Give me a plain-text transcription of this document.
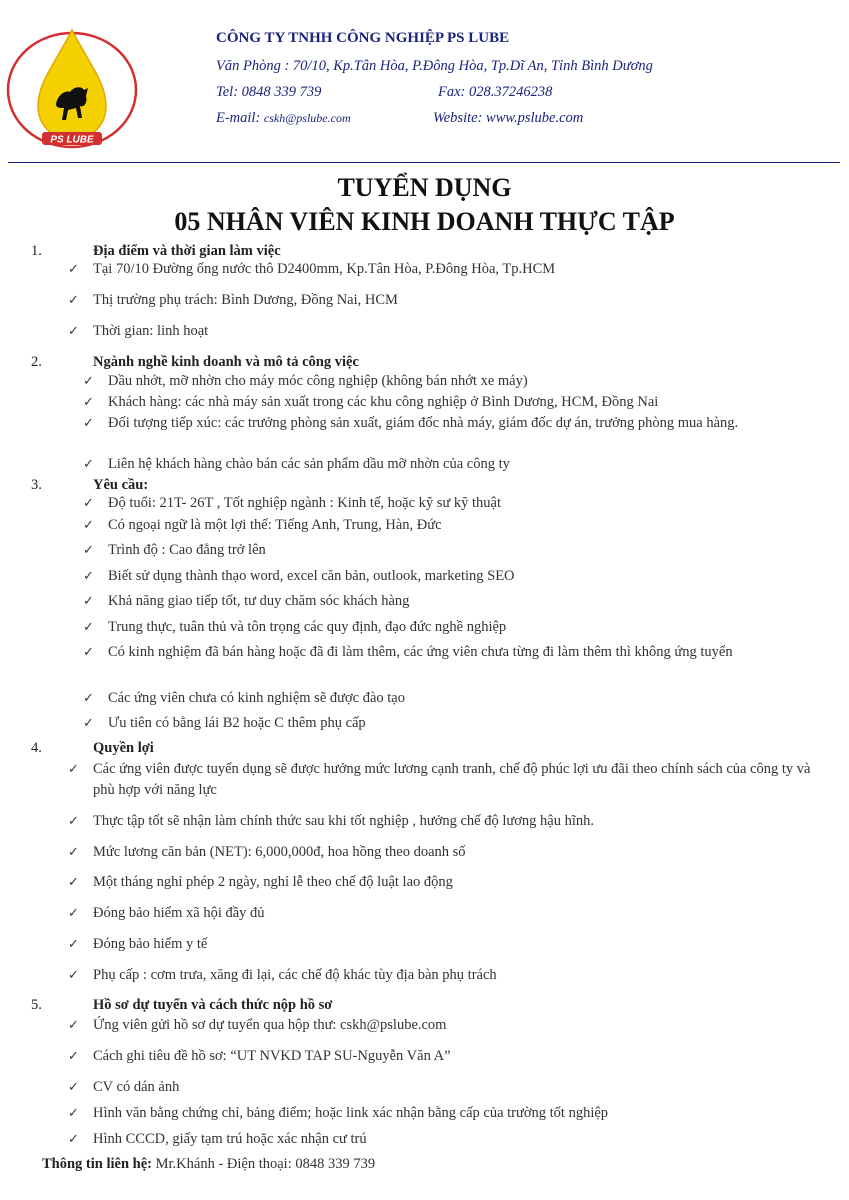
PS LUBE
CÔNG TY TNHH CÔNG NGHIỆP PS LUBE
Văn Phòng : 70/10, Kp.Tân Hòa, P.Đông Hòa, Tp.Dĩ An, Tỉnh Bình Dương
Tel: 0848 339 739	Fax: 028.37246238
E-mail: cskh@pslube.com	Website: www.pslube.com
TUYỂN DỤNG
05 NHÂN VIÊN KINH DOANH THỰC TẬP
1.	Địa điểm và thời gian làm việc
✓ Tại 70/10 Đường ống nước thô D2400mm, Kp.Tân Hòa, P.Đông Hòa, Tp.HCM
✓ Thị trường phụ trách: Bình Dương, Đồng Nai, HCM
✓ Thời gian: linh hoạt
2.	Ngành nghề kinh doanh và mô tả công việc
✓ Dầu nhớt, mỡ nhờn cho máy móc công nghiệp (không bán nhớt xe máy)
✓ Khách hàng: các nhà máy sản xuất trong các khu công nghiệp ở Bình Dương, HCM, Đồng Nai
✓ Đối tượng tiếp xúc: các trưởng phòng sản xuất, giám đốc nhà máy, giám đốc dự án, trưởng phòng mua hàng.
✓ Liên hệ khách hàng chào bán các sản phẩm dầu mỡ nhờn của công ty
3.	Yêu cầu:
✓ Độ tuổi: 21T- 26T , Tốt nghiệp ngành : Kinh tế, hoặc kỹ sư kỹ thuật
✓ Có ngoại ngữ là một lợi thế: Tiếng Anh, Trung, Hàn, Đức
✓ Trình độ : Cao đẳng trở lên
✓ Biết sử dụng thành thạo word, excel căn bản, outlook, marketing SEO
✓ Khả năng giao tiếp tốt, tư duy chăm sóc khách hàng
✓ Trung thực, tuân thủ và tôn trọng các quy định, đạo đức nghề nghiệp
✓ Có kinh nghiệm đã bán hàng hoặc đã đi làm thêm, các ứng viên chưa từng đi làm thêm thì không ứng tuyển
✓ Các ứng viên chưa có kinh nghiệm sẽ được đào tạo
✓ Ưu tiên có bằng lái B2 hoặc C thêm phụ cấp
4.	Quyền lợi
✓ Các ứng viên được tuyển dụng sẽ được hưởng mức lương cạnh tranh, chế độ phúc lợi ưu đãi theo chính sách của công ty và phù hợp với năng lực
✓ Thực tập tốt sẽ nhận làm chính thức sau khi tốt nghiệp , hưởng chế độ lương hậu hĩnh.
✓ Mức lương căn bản (NET): 6,000,000đ, hoa hồng theo doanh số
✓ Một tháng nghỉ phép 2 ngày, nghỉ lễ theo chế độ luật lao động
✓ Đóng bảo hiểm xã hội đầy đủ
✓ Đóng bảo hiểm y tế
✓ Phụ cấp : cơm trưa, xăng đi lại, các chế độ khác tùy địa bàn phụ trách
5.	Hồ sơ dự tuyển và cách thức nộp hồ sơ
✓ Ứng viên gửi hồ sơ dự tuyển qua hộp thư: cskh@pslube.com
✓ Cách ghi tiêu đề hồ sơ: “UT NVKD TAP SU-Nguyễn Văn A”
✓ CV có dán ảnh
✓ Hình văn bằng chứng chỉ, bảng điểm; hoặc link xác nhận bằng cấp của trường tốt nghiệp
✓ Hình CCCD, giấy tạm trú hoặc xác nhận cư trú
Thông tin liên hệ: Mr.Khánh - Điện thoại: 0848 339 739
